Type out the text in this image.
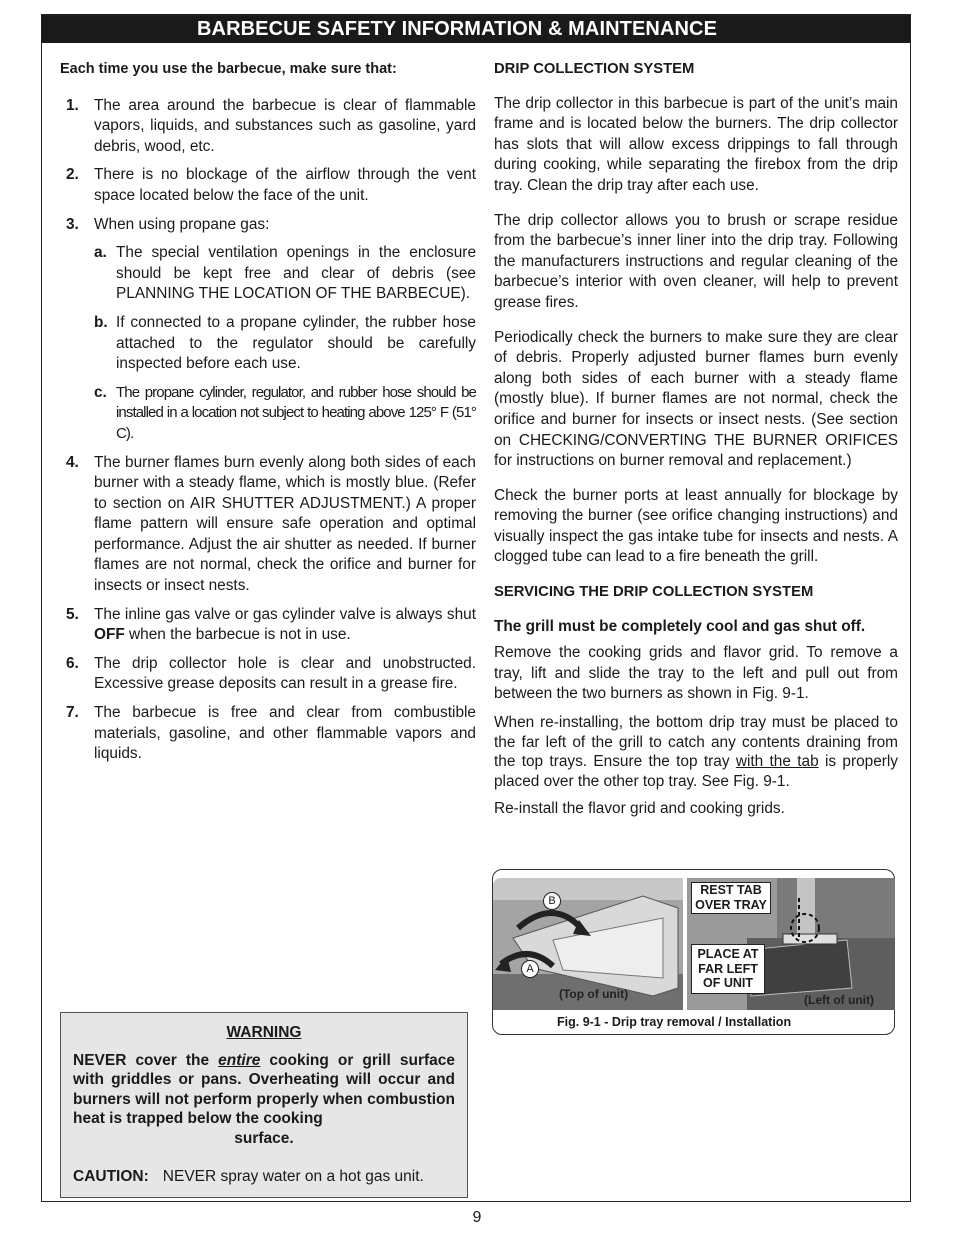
BARBECUE SAFETY INFORMATION & MAINTENANCE

Each time you use the barbecue, make sure that:

1. The area around the barbecue is clear of flammable vapors, liquids, and substances such as gasoline, yard debris, wood, etc.
2. There is no blockage of the airflow through the vent space located below the face of the unit.
3. When using propane gas:
a. The special ventilation openings in the enclosure should be kept free and clear of debris (see PLANNING THE LOCATION OF THE BARBECUE).
b. If connected to a propane cylinder, the rubber hose attached to the regulator should be carefully inspected before each use.
c. The propane cylinder, regulator, and rubber hose should be installed in a location not subject to heating above 125° F (51° C).
4. The burner flames burn evenly along both sides of each burner with a steady flame, which is mostly blue. (Refer to section on AIR SHUTTER ADJUSTMENT.) A proper flame pattern will ensure safe operation and optimal performance. Adjust the air shutter as needed. If burner flames are not normal, check the orifice and burner for insects or insect nests.
5. The inline gas valve or gas cylinder valve is always shut OFF when the barbecue is not in use.
6. The drip collector hole is clear and unobstructed. Excessive grease deposits can result in a grease fire.
7. The barbecue is free and clear from combustible materials, gasoline, and other flammable vapors and liquids.

DRIP COLLECTION SYSTEM

The drip collector in this barbecue is part of the unit’s main frame and is located below the burners. The drip collector has slots that will allow excess drippings to fall through during cooking, while separating the firebox from the drip tray. Clean the drip tray after each use.

The drip collector allows you to brush or scrape residue from the barbecue’s inner liner into the drip tray. Following the manufacturers instructions and regular cleaning of the barbecue’s interior with oven cleaner, will help to prevent grease fires.

Periodically check the burners to make sure they are clear of debris. Properly adjusted burner flames burn evenly along both sides of each burner with a steady flame (mostly blue). If burner flames are not normal, check the orifice and burner for insects or insect nests. (See section on CHECKING/CONVERTING THE BURNER ORIFICES for instructions on burner removal and replacement.)

Check the burner ports at least annually for blockage by removing the burner (see orifice changing instructions) and visually inspect the gas intake tube for insects and nests. A clogged tube can lead to a fire beneath the grill.

SERVICING THE DRIP COLLECTION SYSTEM

The grill must be completely cool and gas shut off.

Remove the cooking grids and flavor grid. To remove a tray, lift and slide the tray to the left and pull out from between the two burners as shown in Fig. 9-1.

When re-installing, the bottom drip tray must be placed to the far left of the grill to catch any contents draining from the top trays. Ensure the top tray with the tab is properly placed over the other top tray. See Fig. 9-1.

Re-install the flavor grid and cooking grids.

B
A
(Top of unit)
REST TAB OVER TRAY
PLACE AT FAR LEFT OF UNIT
(Left of unit)
Fig. 9-1 - Drip tray removal / Installation
WARNING
NEVER cover the entire cooking or grill surface with griddles or pans. Overheating will occur and burners will not perform properly when combustion heat is trapped below the cooking
surface.
CAUTION: NEVER spray water on a hot gas unit.
9
